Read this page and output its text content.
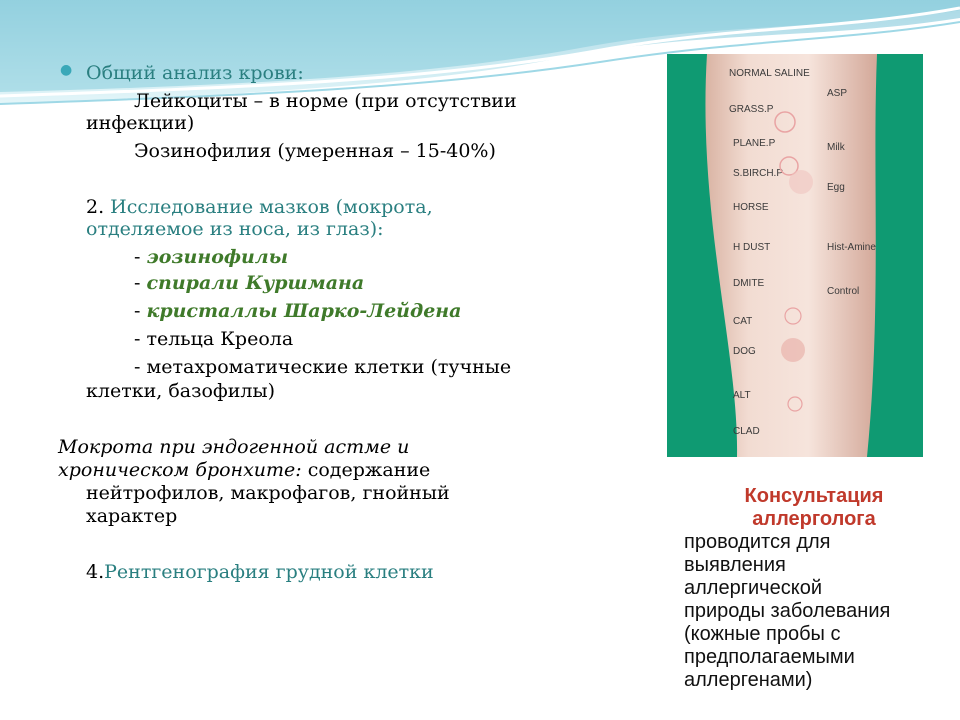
● Общий анализ крови:
Лейкоциты – в норме (при отсутствии
инфекции)
Эозинофилия (умеренная – 15-40%)
2. Исследование мазков (мокрота,
отделяемое из носа, из глаз):
- эозинофилы
- спирали Куршмана
- кристаллы Шарко-Лейдена
- тельца Креола
- метахроматические клетки (тучные
клетки, базофилы)
Мокрота при эндогенной астме и
хроническом бронхите: содержание
нейтрофилов, макрофагов, гнойный
характер
4.Рентгенография грудной клетки
NORMAL SALINE
GRASS.P
PLANE.P
S.BIRCH.P
HORSE
H DUST
DMITE
CAT
DOG
ALT
CLAD
ASP
Milk
Egg
Hist-Amine
Control
Консультация
аллерголога
проводится для
выявления
аллергической
природы заболевания
(кожные пробы с
предполагаемыми
аллергенами)
